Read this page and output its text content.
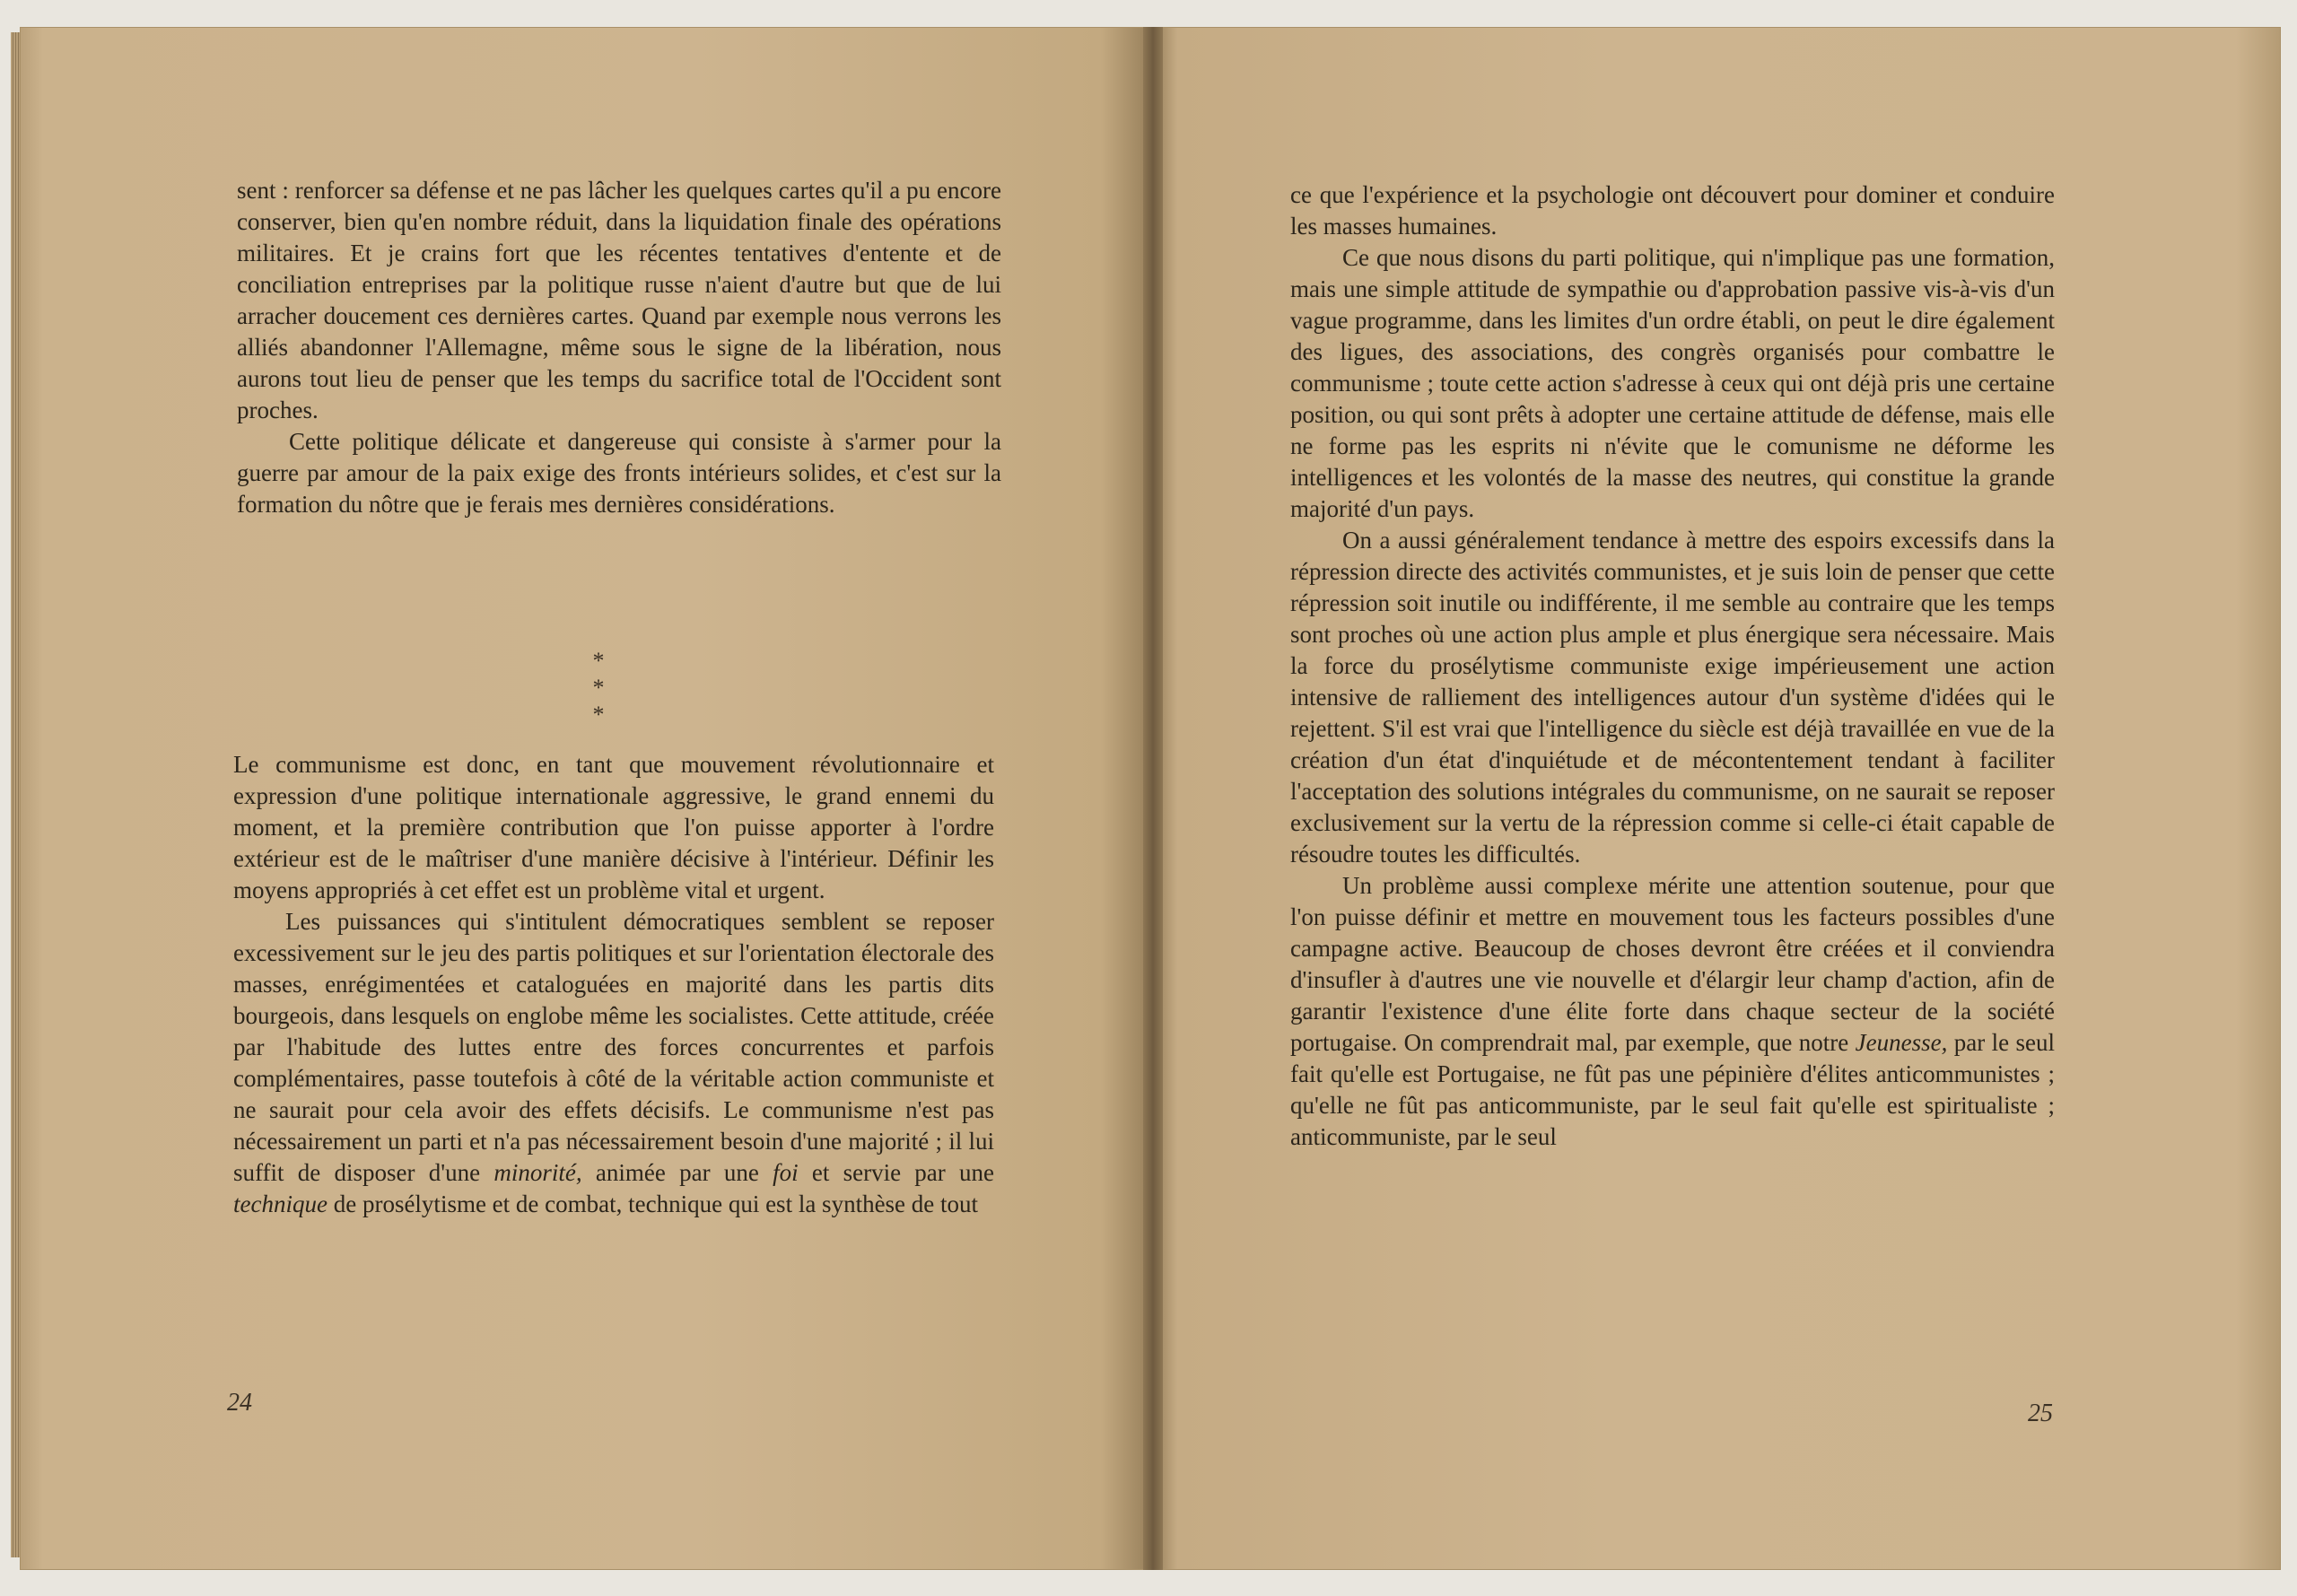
sent : renforcer sa défense et ne pas lâcher les quelques cartes qu'il a pu encore conserver, bien qu'en nombre réduit, dans la liquidation finale des opérations militaires. Et je crains fort que les récentes tentatives d'entente et de conciliation entreprises par la politique russe n'aient d'autre but que de lui arracher doucement ces dernières cartes. Quand par exemple nous verrons les alliés abandonner l'Allemagne, même sous le signe de la libération, nous aurons tout lieu de penser que les temps du sacrifice total de l'Occident sont proches.

Cette politique délicate et dangereuse qui consiste à s'armer pour la guerre par amour de la paix exige des fronts intérieurs solides, et c'est sur la formation du nôtre que je ferais mes dernières considérations.

* * *

Le communisme est donc, en tant que mouvement révolutionnaire et expression d'une politique internationale aggressive, le grand ennemi du moment, et la première contribution que l'on puisse apporter à l'ordre extérieur est de le maîtriser d'une manière décisive à l'intérieur. Définir les moyens appropriés à cet effet est un problème vital et urgent.

Les puissances qui s'intitulent démocratiques semblent se reposer excessivement sur le jeu des partis politiques et sur l'orientation électorale des masses, enrégimentées et cataloguées en majorité dans les partis dits bourgeois, dans lesquels on englobe même les socialistes. Cette attitude, créée par l'habitude des luttes entre des forces concurrentes et parfois complémentaires, passe toutefois à côté de la véritable action communiste et ne saurait pour cela avoir des effets décisifs. Le communisme n'est pas nécessairement un parti et n'a pas nécessairement besoin d'une majorité ; il lui suffit de disposer d'une minorité, animée par une foi et servie par une technique de prosélytisme et de combat, technique qui est la synthèse de tout

24

ce que l'expérience et la psychologie ont découvert pour dominer et conduire les masses humaines.

Ce que nous disons du parti politique, qui n'implique pas une formation, mais une simple attitude de sympathie ou d'approbation passive vis-à-vis d'un vague programme, dans les limites d'un ordre établi, on peut le dire également des ligues, des associations, des congrès organisés pour combattre le communisme ; toute cette action s'adresse à ceux qui ont déjà pris une certaine position, ou qui sont prêts à adopter une certaine attitude de défense, mais elle ne forme pas les esprits ni n'évite que le comunisme ne déforme les intelligences et les volontés de la masse des neutres, qui constitue la grande majorité d'un pays.

On a aussi généralement tendance à mettre des espoirs excessifs dans la répression directe des activités communistes, et je suis loin de penser que cette répression soit inutile ou indifférente, il me semble au contraire que les temps sont proches où une action plus ample et plus énergique sera nécessaire. Mais la force du prosélytisme communiste exige impérieusement une action intensive de ralliement des intelligences autour d'un système d'idées qui le rejettent. S'il est vrai que l'intelligence du siècle est déjà travaillée en vue de la création d'un état d'inquiétude et de mécontentement tendant à faciliter l'acceptation des solutions intégrales du communisme, on ne saurait se reposer exclusivement sur la vertu de la répression comme si celle-ci était capable de résoudre toutes les difficultés.

Un problème aussi complexe mérite une attention soutenue, pour que l'on puisse définir et mettre en mouvement tous les facteurs possibles d'une campagne active. Beaucoup de choses devront être créées et il conviendra d'insufler à d'autres une vie nouvelle et d'élargir leur champ d'action, afin de garantir l'existence d'une élite forte dans chaque secteur de la société portugaise. On comprendrait mal, par exemple, que notre Jeunesse, par le seul fait qu'elle est Portugaise, ne fût pas une pépinière d'élites anticommunistes ; qu'elle ne fût pas anticommuniste, par le seul fait qu'elle est spiritualiste ; anticommuniste, par le seul

25
